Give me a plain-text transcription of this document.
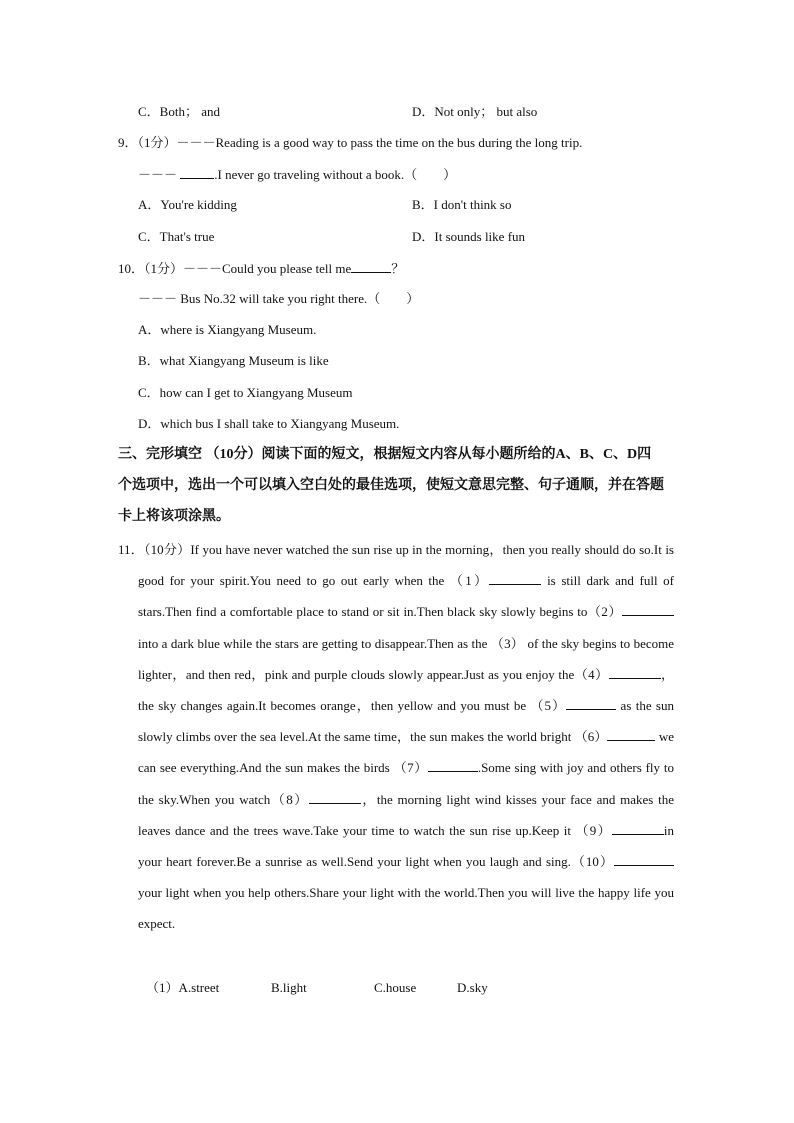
C．Both； and	D．Not only； but also
9．（1分）－－－Reading is a good way to pass the time on the bus during the long trip.
－－－	.I never go traveling without a book.（　　）
A．You're kidding	B．I don't think so
C．That's true	D．It sounds like fun
10．（1分）－－－Could you please tell me	？
－－－ Bus No.32 will take you right there.（　　）
A．where is Xiangyang Museum.
B．what Xiangyang Museum is like
C．how can I get to Xiangyang Museum
D．which bus I shall take to Xiangyang Museum.
三、完形填空 （10分）阅读下面的短文，根据短文内容从每小题所给的A、B、C、D四
个选项中，选出一个可以填入空白处的最佳选项，使短文意思完整、句子通顺，并在答题
卡上将该项涂黑。
11．（10分）If you have never watched the sun rise up in the morning，then you really should do so.It is good for your spirit.You need to go out early when the （1）	is still dark and full of stars.Then find a comfortable place to stand or sit in.Then black sky slowly begins to（2） into a dark blue while the stars are getting to disappear.Then as the （3） of the sky begins to become lighter，and then red，pink and purple clouds slowly appear.Just as you enjoy the（4）	，the sky changes again.It becomes orange，then yellow and you must be （5）	as the sun slowly climbs over the sea level.At the same time，the sun makes the world bright （6）	we can see everything.And the sun makes the birds （7）	.Some sing with joy and others fly to the sky.When you watch（8）	，the morning light wind kisses your face and makes the leaves dance and the trees wave.Take your time to watch the sun rise up.Keep it （9）	in your heart forever.Be a sunrise as well.Send your light when you laugh and sing.（10） your light when you help others.Share your light with the world.Then you will live the happy life you expect.
（1）A.street	B.light	C.house	D.sky
